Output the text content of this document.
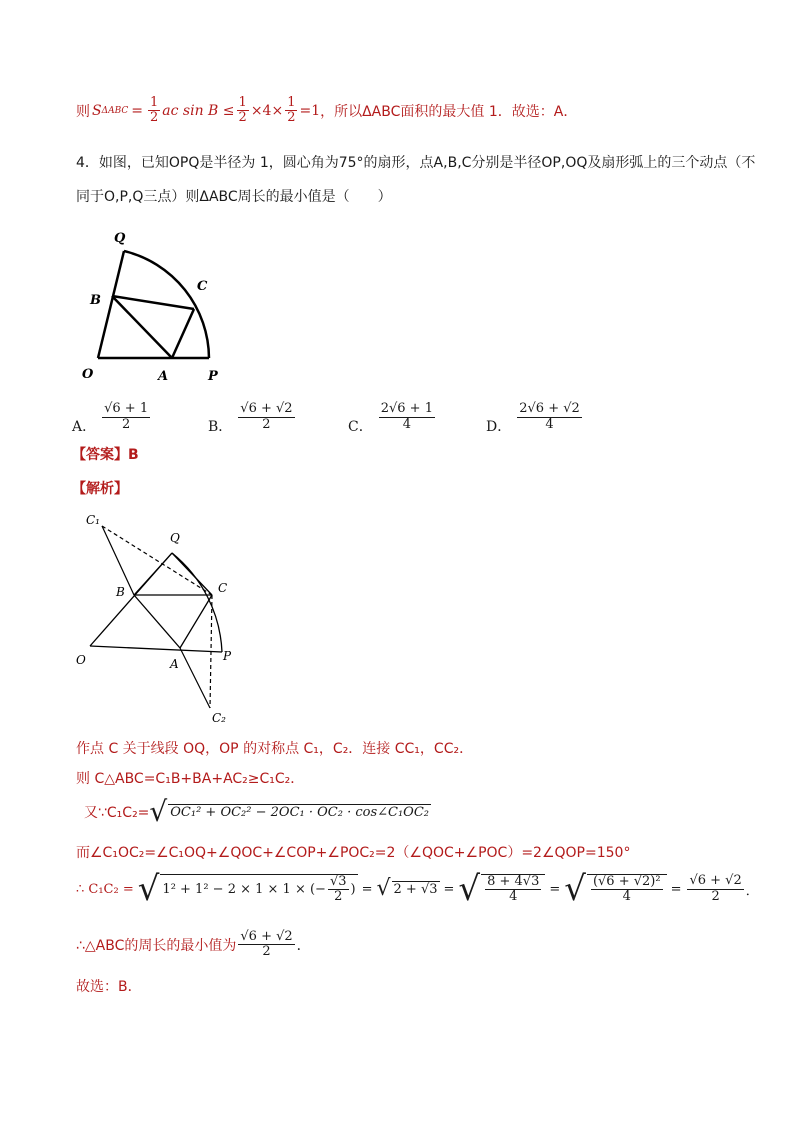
则 S $\Delta ABC = \frac{1}{2}$ ac $\sin B \le \frac{1}{2} \times 4\times \frac{1}{2} =1$ ，所以ΔABC面积的最大值 1．故选：A．
4．如图，已知OPQ是半径为 1，圆心角为75°的扇形，点A,B,C分别是半径OP,OQ及扇形弧上的三个动点（不
同于O,P,Q三点）则ΔABC周长的最小值是（　　）
Q
C
B
O	A	P
A． $\frac{√6 + 1}{2}$	B． $\frac{√6 + √2}{2}$	C． $\frac{2√6 + 1}{4}$	D． $\frac{2√6 + √2}{4}$
【答案】B
【解析】
C₁
Q
B	C
O	A
P
C₂
作点 C 关于线段 OQ，OP 的对称点 C₁，C₂．连接 CC₁，CC₂．
则 C△ABC=C₁B+BA+AC₂≥C₁C₂．
又∵C₁C₂= √ OC₁² + OC₂² − 2OC₁ · OC₂ · cos∠C₁OC₂
而∠C₁OC₂=∠C₁OQ+∠QOC+∠COP+∠POC₂=2（∠QOC+∠POC）=2∠QOP=150°
∴ C₁C₂ = √ 1² + 1² − 2 × 1 × 1 × (− $\frac{√3}{2}$ ) = √ 2 + √3 = √ $\frac{8 + 4√3}{4}$ = √ $\frac{\text{(√6 + √2)²}}{4} = \frac{√6 + √2}{2}$ ．
∴△ABC的周长的最小值为 $\frac{√6 + √2}{2}$ ．
故选：B．
